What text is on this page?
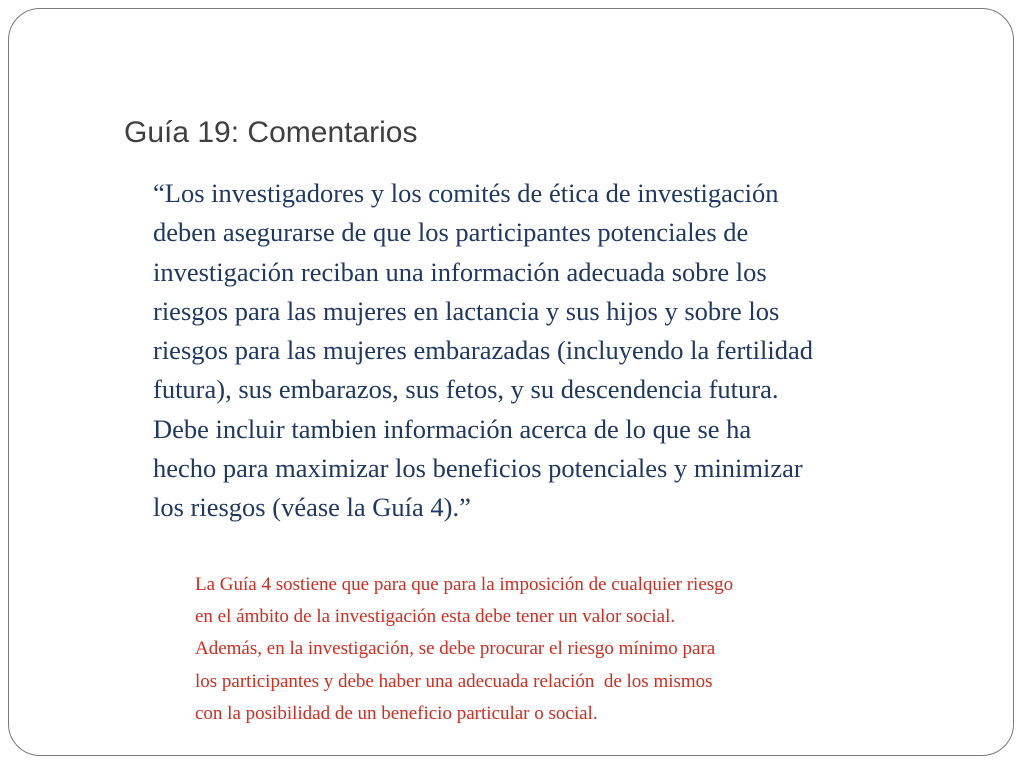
Guía 19: Comentarios
“Los investigadores y los comités de ética de investigación
deben asegurarse de que los participantes potenciales de
investigación reciban una información adecuada sobre los
riesgos para las mujeres en lactancia y sus hijos y sobre los
riesgos para las mujeres embarazadas (incluyendo la fertilidad
futura), sus embarazos, sus fetos, y su descendencia futura.
Debe incluir tambien información acerca de lo que se ha
hecho para maximizar los beneficios potenciales y minimizar
los riesgos (véase la Guía 4).”
La Guía 4 sostiene que para que para la imposición de cualquier riesgo
en el ámbito de la investigación esta debe tener un valor social.
Además, en la investigación, se debe procurar el riesgo mínimo para
los participantes y debe haber una adecuada relación  de los mismos
con la posibilidad de un beneficio particular o social.
